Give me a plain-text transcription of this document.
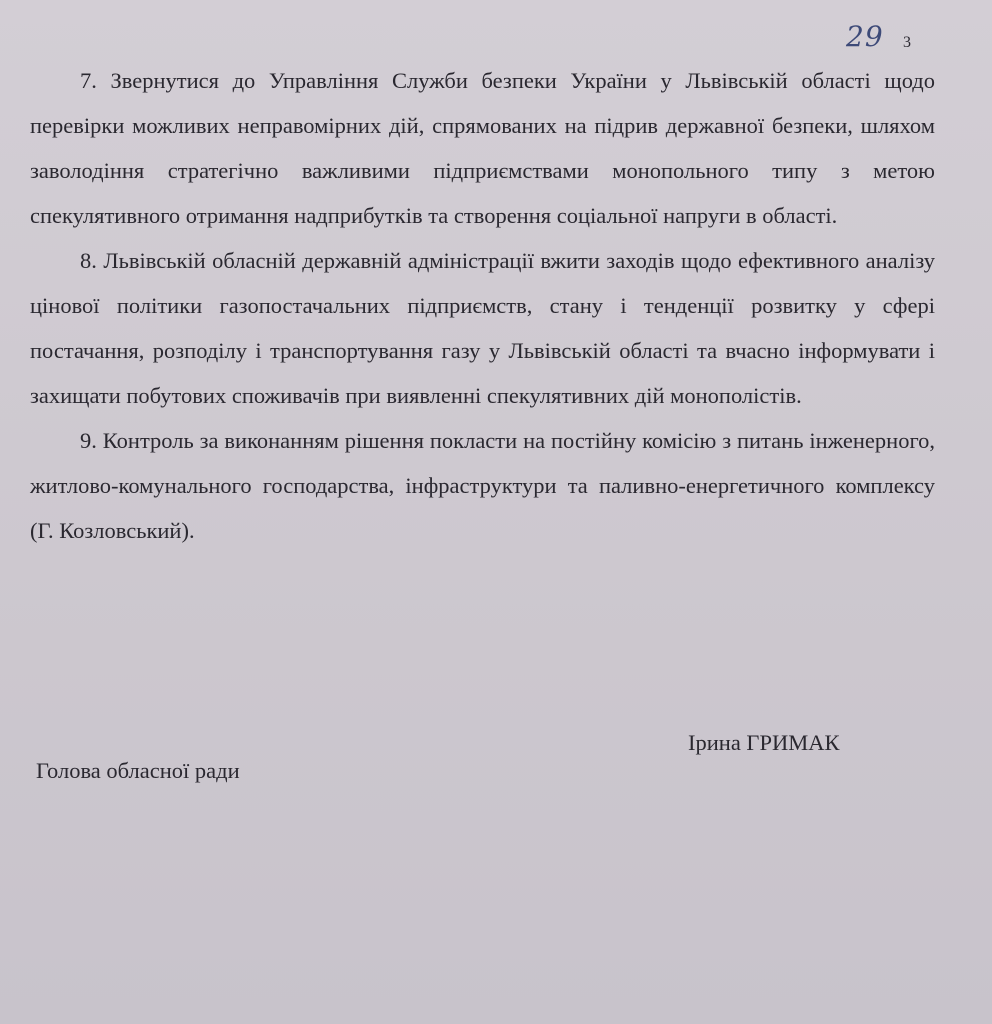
29 3

7. Звернутися до Управління Служби безпеки України у Львівській області щодо перевірки можливих неправомірних дій, спрямованих на підрив державної безпеки, шляхом заволодіння стратегічно важливими підприємствами монопольного типу з метою спекулятивного отримання надприбутків та створення соціальної напруги в області.

8. Львівській обласній державній адміністрації вжити заходів щодо ефективного аналізу цінової політики газопостачальних підприємств, стану і тенденції розвитку у сфері постачання, розподілу і транспортування газу у Львівській області та вчасно інформувати і захищати побутових споживачів при виявленні спекулятивних дій монополістів.

9. Контроль за виконанням рішення покласти на постійну комісію з питань інженерного, житлово-комунального господарства, інфраструктури та паливно-енергетичного комплексу (Г. Козловський).

Голова обласної ради
Ірина ГРИМАК
